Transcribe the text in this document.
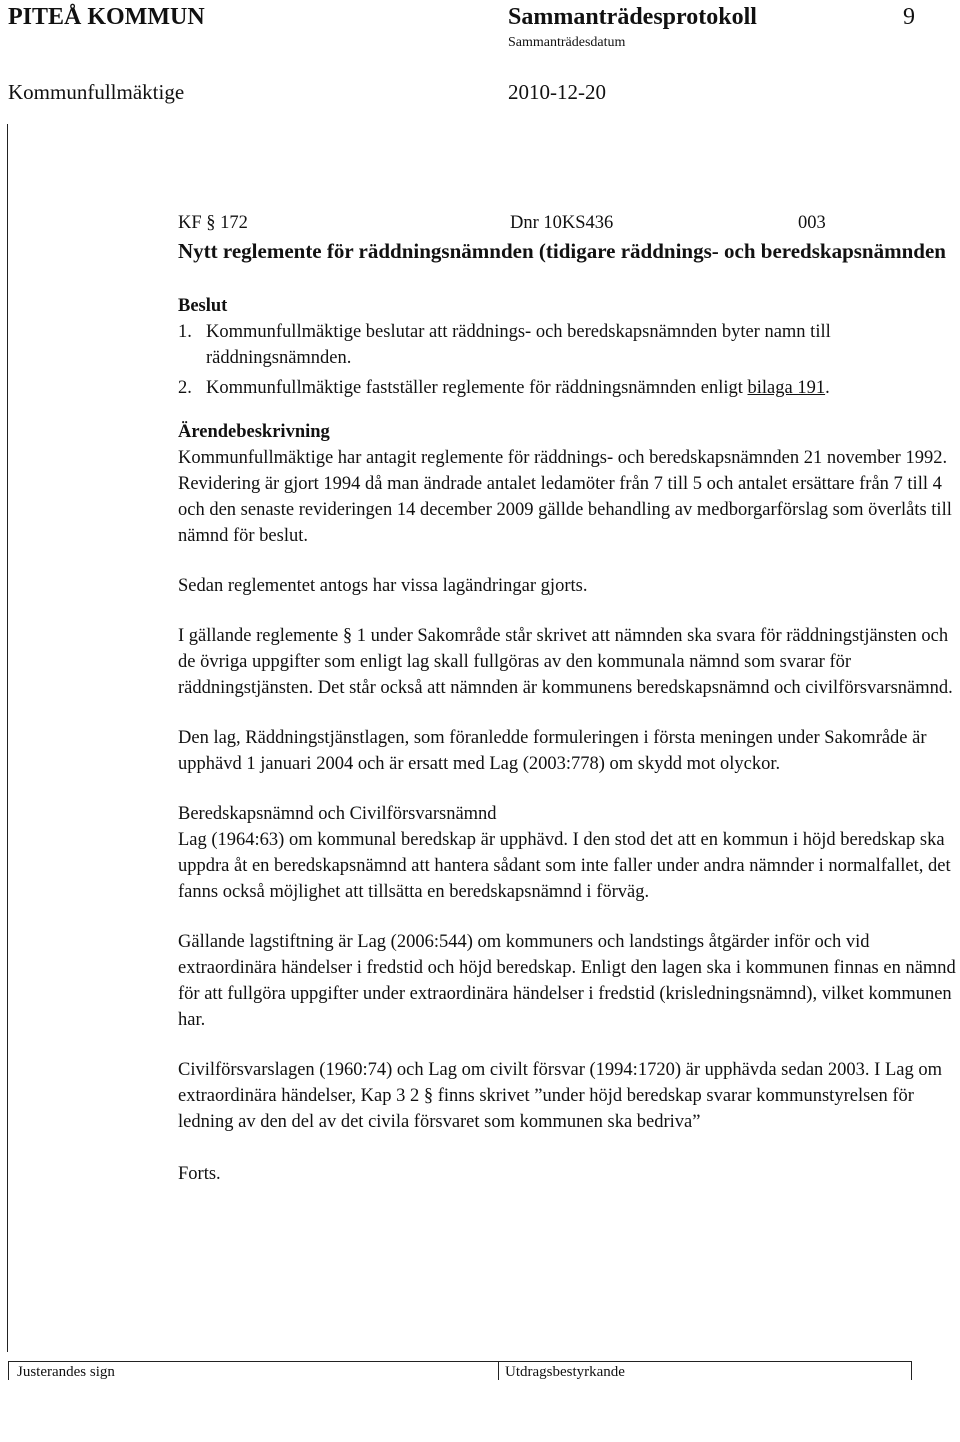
PITEÅ KOMMUN	Sammanträdesprotokoll	9
Sammanträdesdatum
Kommunfullmäktige	2010-12-20
KF § 172	Dnr 10KS436	003
Nytt reglemente för räddningsnämnden (tidigare räddnings- och beredskapsnämnden
Beslut
1. Kommunfullmäktige beslutar att räddnings- och beredskapsnämnden byter namn till räddningsnämnden.
2. Kommunfullmäktige fastställer reglemente för räddningsnämnden enligt bilaga 191.
Ärendebeskrivning

Kommunfullmäktige har antagit reglemente för räddnings- och beredskapsnämnden 21 november 1992. Revidering är gjort 1994 då man ändrade antalet ledamöter från 7 till 5 och antalet ersättare från 7 till 4 och den senaste revideringen 14 december 2009 gällde behandling av medborgarförslag som överlåts till nämnd för beslut.

Sedan reglementet antogs har vissa lagändringar gjorts.

I gällande reglemente § 1 under Sakområde står skrivet att nämnden ska svara för räddningstjänsten och de övriga uppgifter som enligt lag skall fullgöras av den kommunala nämnd som svarar för räddningstjänsten. Det står också att nämnden är kommunens beredskapsnämnd och civilförsvarsnämnd.

Den lag, Räddningstjänstlagen, som föranledde formuleringen i första meningen under Sakområde är upphävd 1 januari 2004 och är ersatt med Lag (2003:778) om skydd mot olyckor.

Beredskapsnämnd och Civilförsvarsnämnd

Lag (1964:63) om kommunal beredskap är upphävd. I den stod det att en kommun i höjd beredskap ska uppdra åt en beredskapsnämnd att hantera sådant som inte faller under andra nämnder i normalfallet, det fanns också möjlighet att tillsätta en beredskapsnämnd i förväg.

Gällande lagstiftning är Lag (2006:544) om kommuners och landstings åtgärder inför och vid extraordinära händelser i fredstid och höjd beredskap. Enligt den lagen ska i kommunen finnas en nämnd för att fullgöra uppgifter under extraordinära händelser i fredstid (krisledningsnämnd), vilket kommunen har.

Civilförsvarslagen (1960:74) och Lag om civilt försvar (1994:1720) är upphävda sedan 2003. I Lag om extraordinära händelser, Kap 3 2 § finns skrivet ”under höjd beredskap svarar kommunstyrelsen för ledning av den del av det civila försvaret som kommunen ska bedriva”

Forts.

Justerandes sign	Utdragsbestyrkande
